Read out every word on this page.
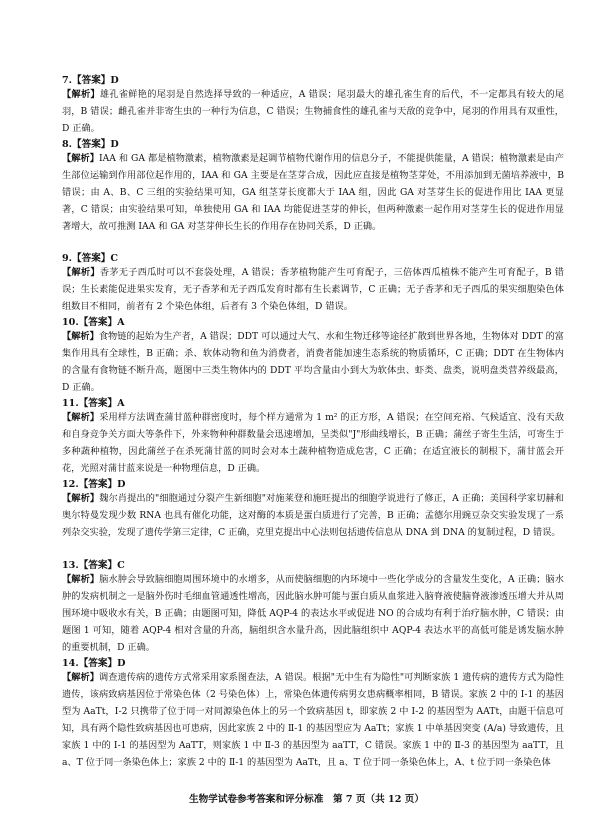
7.【答案】D
【解析】雄孔雀鲜艳的尾羽是自然选择导致的一种适应，A 错误；尾羽最大的雄孔雀生育的后代，不一定都具有较大的尾羽，B 错误；雌孔雀并非寄生虫的一种行为信息，C 错误；生物捕食性的雄孔雀与天敌的竞争中，尾羽的作用具有双重性，D 正确。
8.【答案】D
【解析】IAA 和 GA 都是植物激素，植物激素是起调节植物代谢作用的信息分子，不能提供能量，A 错误；植物激素是由产生部位运输到作用部位起作用的，IAA 和 GA 主要是在茎芽合成，因此应直接是植物茎芽处，不用添加到无菌培养液中，B 错误；由 A、B、C 三组的实验结果可知，GA 组茎芽长度都大于 IAA 组，因此 GA 对茎芽生长的促进作用比 IAA 更显著，C 错误；由实验结果可知，单独使用 GA 和 IAA 均能促进茎芽的伸长，但两种激素一起作用对茎芽生长的促进作用显著增大，故可推测 IAA 和 GA 对茎芽伸长生长的作用存在协同关系，D 正确。
9.【答案】C
【解析】香茅无子西瓜时可以不套袋处理，A 错误；香茅植物能产生可育配子，三倍体西瓜植株不能产生可育配子，B 错误；生长素能促进果实发育，无子香茅和无子西瓜发育时都有生长素调节，C 正确；无子香茅和无子西瓜的果实细胞染色体组数目不相同，前者有 2 个染色体组，后者有 3 个染色体组，D 错误。
10.【答案】A
【解析】食物链的起始为生产者，A 错误；DDT 可以通过大气、水和生物迁移等途径扩散到世界各地，生物体对 DDT 的富集作用具有全球性，B 正确；杀、软体动物和鱼为消费者，消费者能加速生态系统的物质循环，C 正确；DDT 在生物体内的含量有食物链不断升高，题图中三类生物体内的 DDT 平均含量由小到大为软体虫、虾类、盘类，说明盘类营养级最高，D 正确。
11.【答案】A
【解析】采用样方法调查蒲甘蓝种群密度时，每个样方通常为 1 m² 的正方形，A 错误；在空间充裕、气候适宜、没有天敌和自身竞争关方面大等条件下，外来物种种群数量会迅速增加，呈类似"J"形曲线增长，B 正确；蒲丝子寄生生活，可寄生于多种蔬种植物，因此蒲丝子在杀死蒲甘蓝的同时会对本土蔬种植物造成危害，C 正确；在适宜液长的制根下，蒲甘蓝会开花，光照对蒲甘蓝来说是一种物理信息，D 正确。
12.【答案】D
【解析】魏尔肖提出的"细胞通过分裂产生新细胞"对施莱登和施旺提出的细胞学说进行了修正，A 正确；美国科学家切赫和奥尔特曼发现少数 RNA 也具有催化功能，这对酶的本质是蛋白质进行了完善，B 正确；孟德尔用豌豆杂交实验发现了一系列杂交实验，发现了遗传学第三定律，C 正确，克里克提出中心法则包括遗传信息从 DNA 到 DNA 的复制过程，D 错误。
13.【答案】C
【解析】脑水肿会导致脑细胞周围环境中的水增多，从而使脑细胞的内环境中一些化学成分的含量发生变化，A 正确；脑水肿的发病机制之一是脑外伤时毛细血管通透性增高，因此脑水肿可能与蛋白质从血浆进入脑脊液使脑脊液渗透压增大并从周围环境中吸收水有关，B 正确；由题图可知，降低 AQP-4 的表达水平或促进 NO 的合成均有利于治疗脑水肿，C 错误；由题图 1 可知，随着 AQP-4 相对含量的升高，脑组织含水量升高，因此脑组织中 AQP-4 表达水平的高低可能是诱发脑水肿的重要机制，D 正确。
14.【答案】D
【解析】调查遗传病的遗传方式常采用家系图查法，A 错误。根据"无中生有为隐性"可判断家族 1 遗传病的遗传方式为隐性遗传，该病致病基因位于常染色体（2 号染色体）上，常染色体遗传病男女患病概率相同，B 错误。家族 2 中的 Ⅰ-1 的基因型为 AaTt，Ⅰ-2 只携带了位于同一对同源染色体上的另一个致病基因 t，即家族 2 中 Ⅰ-2 的基因型为 AATt，由题干信息可知，具有两个隐性致病基因也可患病，因此家族 2 中的 Ⅱ-1 的基因型应为 AaTt；家族 1 中单基因突变 (A/a) 导致遗传，且家族 1 中的 Ⅰ-1 的基因型为 AaTT，则家族 1 中 Ⅱ-3 的基因型为 aaTT，C 错误。家族 1 中的 Ⅱ-3 的基因型为 aaTT，且 a、T 位于同一条染色体上；家族 2 中的 Ⅱ-1 的基因型为 AaTt，且 a、T 位于同一条染色体上，A、t 位于同一条染色体
生物学试卷参考答案和评分标准　第 7 页（共 12 页）
